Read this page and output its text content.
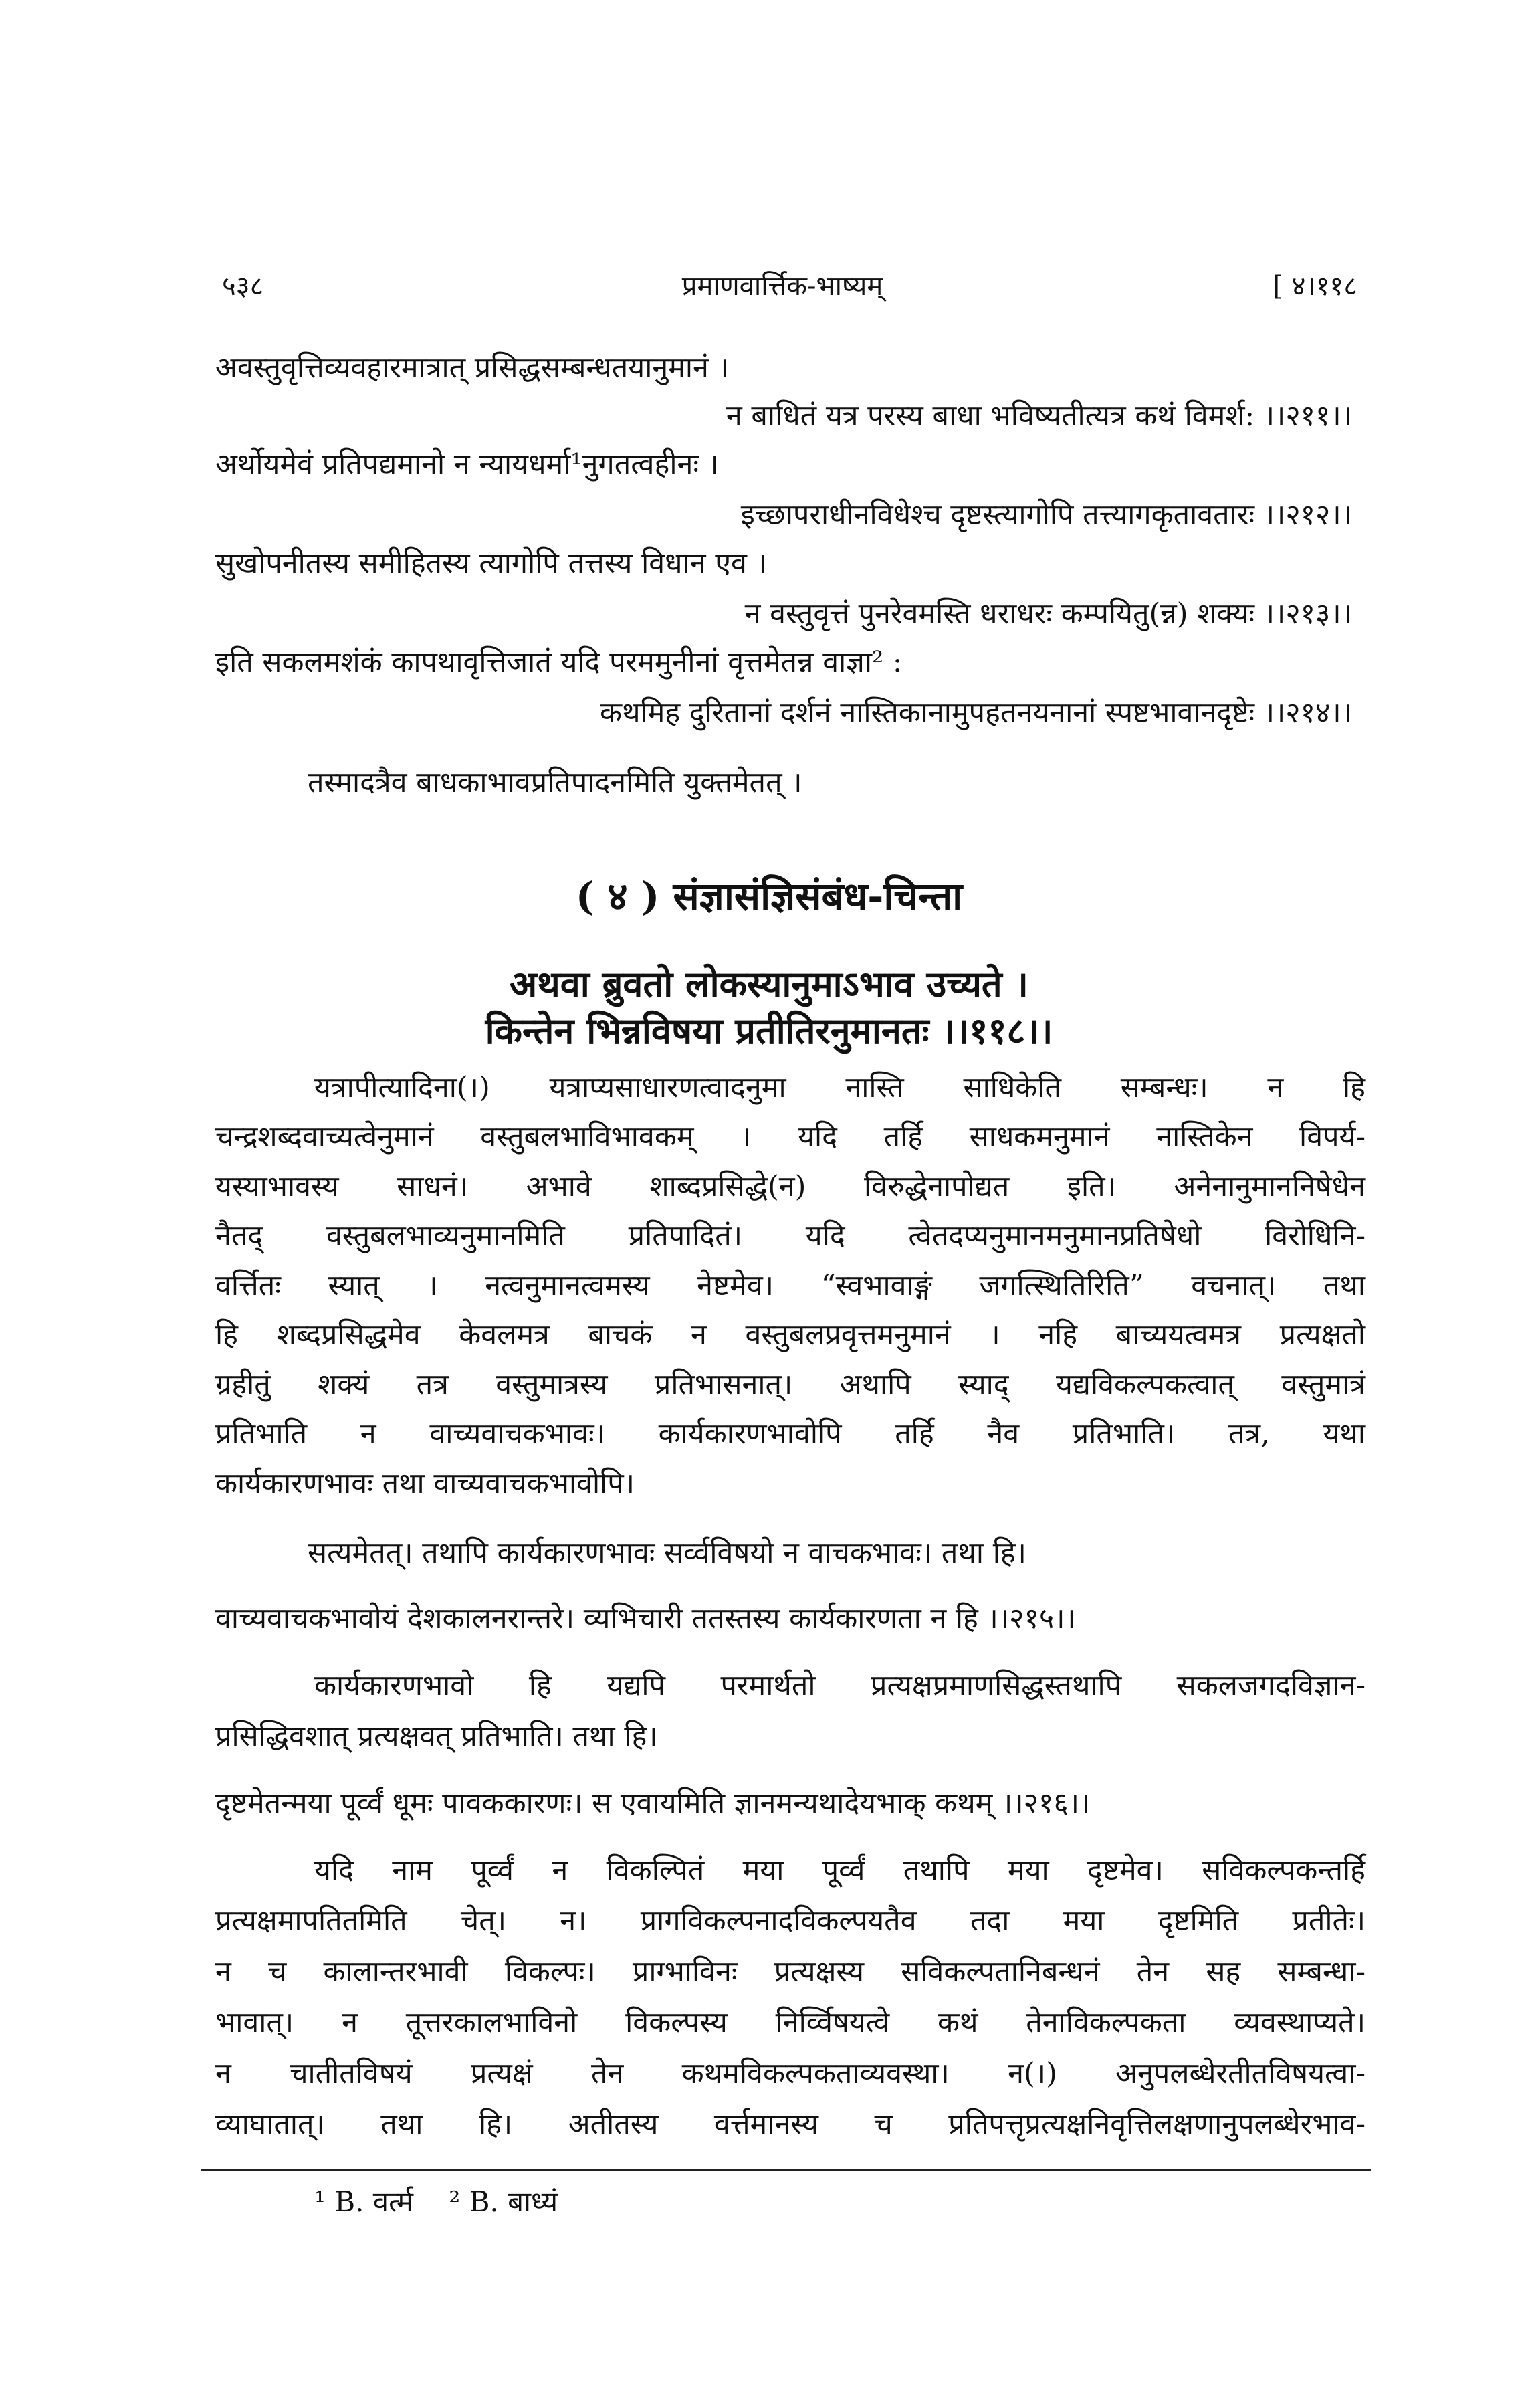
५३८	प्रमाणवार्त्तिक-भाष्यम्	[ ४।११८
अवस्तुवृत्तिव्यवहारमात्रात् प्रसिद्धसम्बन्धतयानुमानं ।
न बाधितं यत्र परस्य बाधा भविष्यतीत्यत्र कथं विमर्श: ।।२११।।
अर्थोयमेवं प्रतिपद्यमानो न न्यायधर्मा¹नुगतत्वहीनः ।
इच्छापराधीनविधेश्च दृष्टस्त्यागोपि तत्त्यागकृतावतारः ।।२१२।।
सुखोपनीतस्य समीहितस्य त्यागोपि तत्तस्य विधान एव ।
न वस्तुवृत्तं पुनरेवमस्ति धराधरः कम्पयितु(न्न) शक्यः ।।२१३।।
इति सकलमशंकं कापथावृत्तिजातं यदि परममुनीनां वृत्तमेतन्न वाज्ञा² :
कथमिह दुरितानां दर्शनं नास्तिकानामुपहतनयनानां स्पष्टभावानदृष्टेः ।।२१४।।
तस्मादत्रैव बाधकाभावप्रतिपादनमिति युक्तमेतत् ।
( ४ ) संज्ञासंज्ञिसंबंध-चिन्ता
अथवा ब्रुवतो लोकस्यानुमाऽभाव उच्यते ।
किन्तेन भिन्नविषया प्रतीतिरनुमानतः ।।११८।।
यत्रापीत्यादिना(।) यत्राप्यसाधारणत्वादनुमा नास्ति साधिकेति सम्बन्धः। न हि
चन्द्रशब्दवाच्यत्वेनुमानं वस्तुबलभाविभावकम् । यदि तर्हि साधकमनुमानं नास्तिकेन विपर्य-
यस्याभावस्य साधनं। अभावे शाब्दप्रसिद्धे(न) विरुद्धेनापोद्यत इति। अनेनानुमाननिषेधेन
नैतद् वस्तुबलभाव्यनुमानमिति प्रतिपादितं। यदि त्वेतदप्यनुमानमनुमानप्रतिषेधो विरोधिनि-
वर्त्तितः स्यात् । नत्वनुमानत्वमस्य नेष्टमेव। “स्वभावाङ्गं जगत्स्थितिरिति” वचनात्। तथा
हि शब्दप्रसिद्धमेव केवलमत्र बाचकं न वस्तुबलप्रवृत्तमनुमानं । नहि बाच्ययत्वमत्र प्रत्यक्षतो
ग्रहीतुं शक्यं तत्र वस्तुमात्रस्य प्रतिभासनात्। अथापि स्याद् यद्यविकल्पकत्वात् वस्तुमात्रं
प्रतिभाति न वाच्यवाचकभावः। कार्यकारणभावोपि तर्हि नैव प्रतिभाति। तत्र, यथा
कार्यकारणभावः तथा वाच्यवाचकभावोपि।
सत्यमेतत्। तथापि कार्यकारणभावः सर्व्वविषयो न वाचकभावः। तथा हि।
वाच्यवाचकभावोयं देशकालनरान्तरे। व्यभिचारी ततस्तस्य कार्यकारणता न हि ।।२१५।।
कार्यकारणभावो हि यद्यपि परमार्थतो प्रत्यक्षप्रमाणसिद्धस्तथापि सकलजगदविज्ञान-
प्रसिद्धिवशात् प्रत्यक्षवत् प्रतिभाति। तथा हि।
दृष्टमेतन्मया पूर्व्वं धूमः पावककारणः। स एवायमिति ज्ञानमन्यथादेयभाक् कथम् ।।२१६।।
यदि नाम पूर्व्वं न विकल्पितं मया पूर्व्वं तथापि मया दृष्टमेव। सविकल्पकन्तर्हि
प्रत्यक्षमापतितमिति चेत्। न। प्रागविकल्पनादविकल्पयतैव तदा मया दृष्टमिति प्रतीतेः।
न च कालान्तरभावी विकल्पः। प्राग्भाविनः प्रत्यक्षस्य सविकल्पतानिबन्धनं तेन सह सम्बन्धा-
भावात्। न तूत्तरकालभाविनो विकल्पस्य निर्व्विषयत्वे कथं तेनाविकल्पकता व्यवस्थाप्यते।
न चातीतविषयं प्रत्यक्षं तेन कथमविकल्पकताव्यवस्था। न(।) अनुपलब्धेरतीतविषयत्वा-
व्याघातात्। तथा हि। अतीतस्य वर्त्तमानस्य च प्रतिपत्तृप्रत्यक्षनिवृत्तिलक्षणानुपलब्धेरभाव-
¹ B. वर्त्म ² B. बाध्यं
